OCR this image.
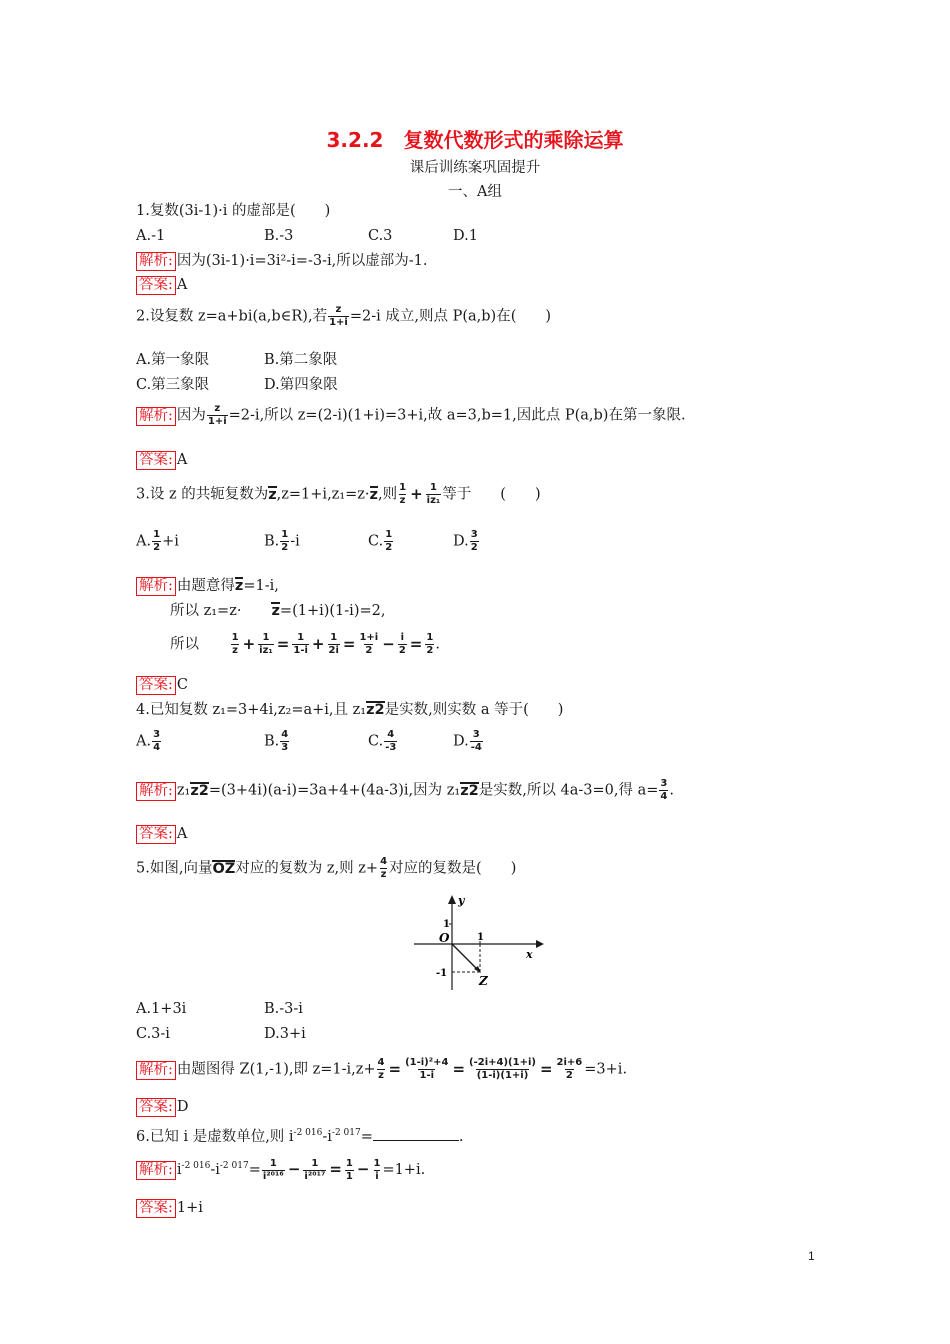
3.2.2　复数代数形式的乘除运算
课后训练案巩固提升
一、A组
1.复数(3i-1)·i 的虚部是(　　)
A.-1	B.-3	C.3	D.1
解析: 因为(3i-1)·i=3i²-i=-3-i,所以虚部为-1.
答案: A
2.设复数 z=a+bi(a,b∈R),若 $\frac{z}{1+i} =2-i$ 成立,则点 P(a,b)在(　　)
A.第一象限	B.第二象限
C.第三象限	D.第四象限
解析: 因为 $\frac{z}{1+i} =2-i$,所以 z=(2-i)(1+i)=3+i,故 a=3,b=1,因此点 P(a,b)在第一象限.
答案: A
3.设 z 的共轭复数为z,z=1+i,z₁=z·z,则 $\frac{1}{z} + \frac{1}{\text{iz₁}}$ 等于　　(　　)
A. $\frac{1}{2} +i$	B. $\frac{1}{2} -i$	C. $\frac{1}{2}$	D. $\frac{3}{2}$
解析: 由题意得z=1-i,
所以 z₁=z· z=(1+i)(1-i)=2,
所以	$\frac{1}{z} + \frac{1}{\text{iz₁}} = \frac{1}{1-i} + \frac{1}{2i} = \frac{1+i}{2} - \frac{i}{2} = \frac{1}{2}$ .
答案: C
4.已知复数 z₁=3+4i,z₂=a+i,且 z₁z2是实数,则实数 a 等于(　　)
A. $\frac{3}{4}$	B. $\frac{4}{3}$	C. $\frac{4}{-3}$	D. $\frac{3}{-4}$
解析: z₁z2=(3+4i)(a-i)=3a+4+(4a-3)i,因为 z₁z2是实数,所以 4a-3=0,得 $a= \frac{3}{4}$ .
答案: A
5.如图,向量OZ对应的复数为 z,则 $z+ \frac{4}{z}$ 对应的复数是(　　)
y
x
O	1
1
-1
Z
A.1+3i	B.-3-i
C.3-i	D.3+i
解析: 由题图得 Z(1,-1),即 $z=1-i,z+ \frac{4}{z} = \frac{\text{(1-i)²+4}}{1-i} = \frac{(-2i+4)(1+i)}{(1-i)(1+i)} = \frac{2i+6}{2} =3+i$.
答案: D
6.已知 i 是虚数单位,则 $i^{-2 016}-i^{-2 017}=$	.
解析: $i^{-2 016}-i^{-2 017}= \frac{1}{\text{i²⁰¹⁶}} - \frac{1}{\text{i²⁰¹⁷}} = \frac{1}{1} - \frac{1}{i} =1+i$.
答案: 1+i
1
